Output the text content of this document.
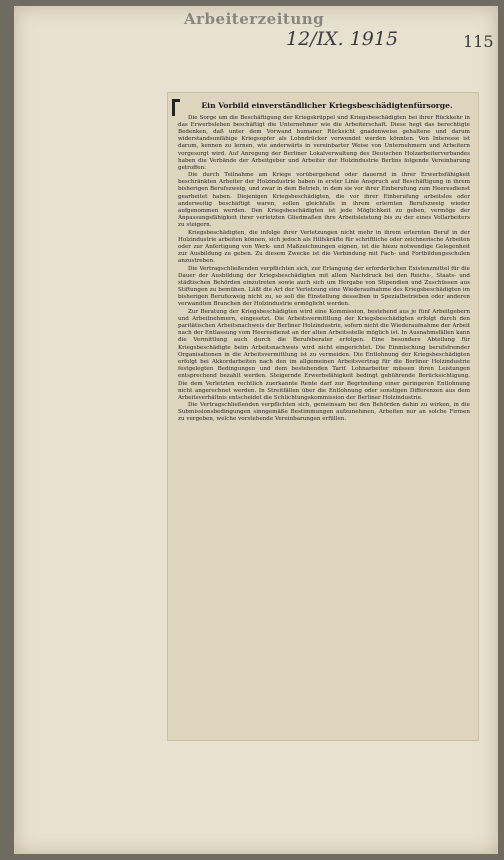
Arbeiterzeitung
12/IX. 1915	115
Ein Vorbild einverständlicher Kriegsbeschädigtenfürsorge.

Die Sorge um die Beschäftigung der Kriegskrüppel und Kriegsbeschädigten bei ihrer Rückkehr in das Erwerbsleben beschäftigt die Unternehmer wie die Arbeiterschaft. Diese hegt das berechtigte Bedenken, daß unter dem Vorwand humaner Rücksicht gnadenweise gehaltene und darum widerstandsunfähige Kriegsopfer als Lohndrücker verwendet werden könnten. Von Interesse ist darum, kennen zu lernen, wie anderwärts in vereinbarter Weise von Unternehmern und Arbeitern vorgesorgt wird. Auf Anregung der Berliner Lokalverwaltung des Deutschen Holzarbeiterverbandes haben die Verbände der Arbeitgeber und Arbeiter der Holzindustrie Berlins folgende Vereinbarung getroffen:

Die durch Teilnahme am Kriege vorübergehend oder dauernd in ihrer Erwerbsfähigkeit beschränkten Arbeiter der Holzindustrie haben in erster Linie Anspruch auf Beschäftigung in ihrem bisherigen Berufszweig, und zwar in dem Betrieb, in dem sie vor ihrer Einberufung zum Heeresdienst gearbeitet haben. Diejenigen Kriegsbeschädigten, die vor ihrer Einberufung arbeitslos oder anderweitig beschäftigt waren, sollen gleichfalls in ihrem erlernten Berufszweig wieder aufgenommen werden. Den Kriegsbeschädigten ist jede Möglichkeit zu geben, vermöge der Anpassungsfähigkeit ihrer verletzten Gliedmaßen ihre Arbeitsleistung bis zu der eines Vollarbeiters zu steigern.

Kriegsbeschädigten, die infolge ihrer Verletzungen nicht mehr in ihrem erlernten Beruf in der Holzindustrie arbeiten können, sich jedoch als Hilfskräfte für schriftliche oder zeichnerische Arbeiten oder zur Anfertigung von Werk- und Maßzeichnungen eignen, ist die hiezu notwendige Gelegenheit zur Ausbildung zu geben. Zu diesem Zwecke ist die Verbindung mit Fach- und Fortbildungsschulen anzustreben.

Die Vertragschließenden verpflichten sich, zur Erlangung der erforderlichen Existenzmittel für die Dauer der Ausbildung der Kriegsbeschädigten mit allem Nachdruck bei den Reichs-, Staats- und städtischen Behörden einzutreten sowie auch sich um Hergabe von Stipendien und Zuschüssen aus Stiftungen zu bemühen. Läßt die Art der Verletzung eine Wiederaufnahme des Kriegsbeschädigten im bisherigen Berufszweig nicht zu, so soll die Einstellung desselben in Spezialbetrieben oder anderen verwandten Branchen der Holzindustrie ermöglicht werden.

Zur Beratung der Kriegsbeschädigten wird eine Kommission, bestehend aus je fünf Arbeitgebern und Arbeitnehmern, eingesetzt. Die Arbeitsvermittlung der Kriegsbeschädigten erfolgt durch den paritätischen Arbeitsnachweis der Berliner Holzindustrie, sofern nicht die Wiederaufnahme der Arbeit nach der Entlassung vom Heeresdienst an der alten Arbeitsstelle möglich ist. In Ausnahmsfällen kann die Vermittlung auch durch die Berufsberater erfolgen. Eine besondere Abteilung für Kriegsbeschädigte beim Arbeitsnachweis wird nicht eingerichtet. Die Einmischung berufsfremder Organisationen in die Arbeitsvermittlung ist zu vermeiden. Die Entlohnung der Kriegsbeschädigten erfolgt bei Akkordarbeiten nach den im allgemeinen Arbeitsvertrag für die Berliner Holzindustrie festgelegten Bedingungen und dem bestehenden Tarif. Lohnarbeiter müssen ihren Leistungen entsprechend bezahlt werden. Steigernde Erwerbsfähigkeit bedingt gebührende Berücksichtigung. Die dem Verletzten rechtlich zuerkannte Rente darf zur Begründung einer geringeren Entlohnung nicht angerechnet werden. In Streitfällen über die Entlohnung oder sonstigen Differenzen aus dem Arbeitsverhältnis entscheidet die Schlichtungskommission der Berliner Holzindustrie.

Die Vertragschließenden verpflichten sich, gemeinsam bei den Behörden dahin zu wirken, in die Submissionsbedingungen sinngemäße Bestimmungen aufzunehmen, Arbeiten nur an solche Firmen zu vergeben, welche vorstehende Vereinbarungen erfüllen.
